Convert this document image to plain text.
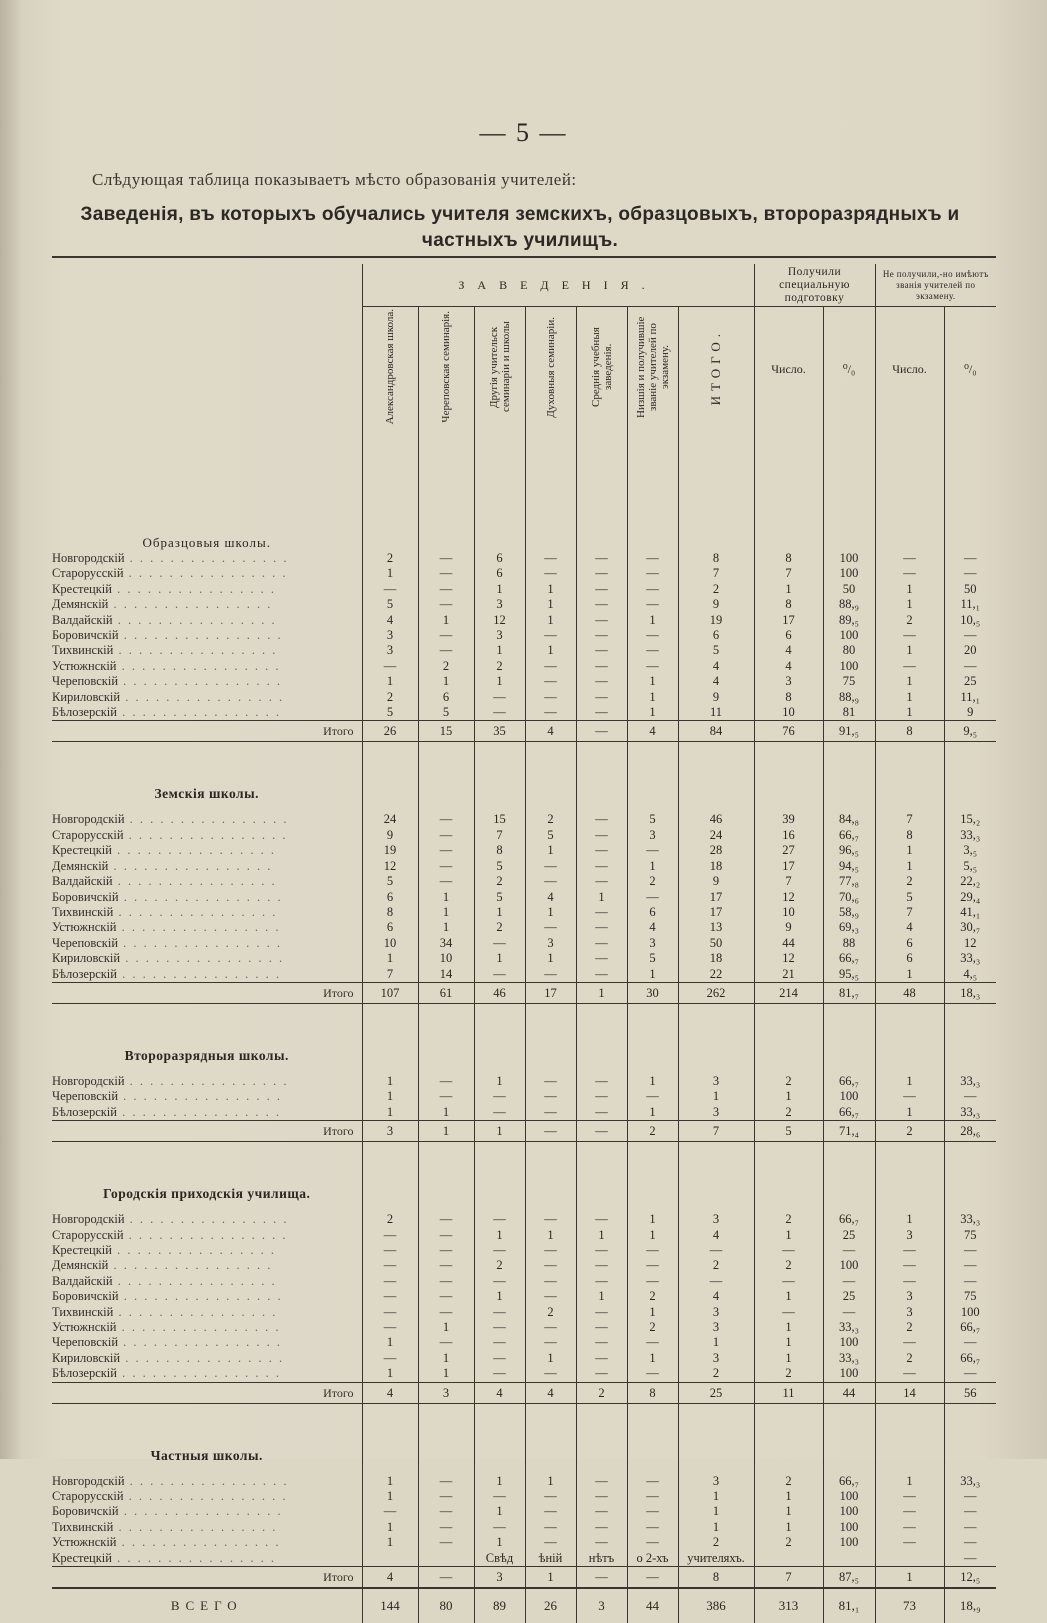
— 5 —
Слѣдующая таблица показываетъ мѣсто образованія учителей:
Заведенія, въ которыхъ обучались учителя земскихъ, образцовыхъ, второразрядныхъ и частныхъ училищъ.

	ЗАВЕДЕНІЯ.							Получили специальную подготовку		Не получили,-но имѣютъ званія учителей по экзамену.	
	Александровская школа.	Череповская семинарія.	Другія учительск семинаріи и школы	Духовныя семинаріи.	Среднія учебныя заведенія.	Низшія и получившіе званіе учителей по экзамену.	ИТОГО.	Число.	⁰/₀	Число.	⁰/₀
Образцовыя школы.											
Новгородскій . . . . . . . . . . . . . . . .	2	—	6	—	—	—	8	8	100	—	—
Старорусскій . . . . . . . . . . . . . . . .	1	—	6	—	—	—	7	7	100	—	—
Крестецкій . . . . . . . . . . . . . . . .	—	—	1	1	—	—	2	1	50	1	50
Демянскій . . . . . . . . . . . . . . . .	5	—	3	1	—	—	9	8	88,₉	1	11,₁
Валдайскій . . . . . . . . . . . . . . . .	4	1	12	1	—	1	19	17	89,₅	2	10,₅
Боровичскій . . . . . . . . . . . . . . . .	3	—	3	—	—	—	6	6	100	—	—
Тихвинскій . . . . . . . . . . . . . . . .	3	—	1	1	—	—	5	4	80	1	20
Устюжнскій . . . . . . . . . . . . . . . .	—	2	2	—	—	—	4	4	100	—	—
Череповскій . . . . . . . . . . . . . . . .	1	1	1	—	—	1	4	3	75	1	25
Кириловскій . . . . . . . . . . . . . . . .	2	6	—	—	—	1	9	8	88,₉	1	11,₁
Бѣлозерскій . . . . . . . . . . . . . . . .	5	5	—	—	—	1	11	10	81	1	9
Итого	26	15	35	4	—	4	84	76	91,₅	8	9,₅
Земскія школы.											
Новгородскій . . . . . . . . . . . . . . . .	24	—	15	2	—	5	46	39	84,₈	7	15,₂
Старорусскій . . . . . . . . . . . . . . . .	9	—	7	5	—	3	24	16	66,₇	8	33,₃
Крестецкій . . . . . . . . . . . . . . . .	19	—	8	1	—	—	28	27	96,₅	1	3,₅
Демянскій . . . . . . . . . . . . . . . .	12	—	5	—	—	1	18	17	94,₅	1	5,₅
Валдайскій . . . . . . . . . . . . . . . .	5	—	2	—	—	2	9	7	77,₈	2	22,₂
Боровичскій . . . . . . . . . . . . . . . .	6	1	5	4	1	—	17	12	70,₆	5	29,₄
Тихвинскій . . . . . . . . . . . . . . . .	8	1	1	1	—	6	17	10	58,₉	7	41,₁
Устюжнскій . . . . . . . . . . . . . . . .	6	1	2	—	—	4	13	9	69,₃	4	30,₇
Череповскій . . . . . . . . . . . . . . . .	10	34	—	3	—	3	50	44	88	6	12
Кириловскій . . . . . . . . . . . . . . . .	1	10	1	1	—	5	18	12	66,₇	6	33,₃
Бѣлозерскій . . . . . . . . . . . . . . . .	7	14	—	—	—	1	22	21	95,₅	1	4,₅
Итого	107	61	46	17	1	30	262	214	81,₇	48	18,₃
Второразрядныя школы.											
Новгородскій . . . . . . . . . . . . . . . .	1	—	1	—	—	1	3	2	66,₇	1	33,₃
Череповскій . . . . . . . . . . . . . . . .	1	—	—	—	—	—	1	1	100	—	—
Бѣлозерскій . . . . . . . . . . . . . . . .	1	1	—	—	—	1	3	2	66,₇	1	33,₃
Итого	3	1	1	—	—	2	7	5	71,₄	2	28,₆
Городскія приходскія училища.											
Новгородскій . . . . . . . . . . . . . . . .	2	—	—	—	—	1	3	2	66,₇	1	33,₃
Старорусскій . . . . . . . . . . . . . . . .	—	—	1	1	1	1	4	1	25	3	75
Крестецкій . . . . . . . . . . . . . . . .	—	—	—	—	—	—	—	—	—	—	—
Демянскій . . . . . . . . . . . . . . . .	—	—	2	—	—	—	2	2	100	—	—
Валдайскій . . . . . . . . . . . . . . . .	—	—	—	—	—	—	—	—	—	—	—
Боровичскій . . . . . . . . . . . . . . . .	—	—	1	—	1	2	4	1	25	3	75
Тихвинскій . . . . . . . . . . . . . . . .	—	—	—	2	—	1	3	—	—	3	100
Устюжнскій . . . . . . . . . . . . . . . .	—	1	—	—	—	2	3	1	33,₃	2	66,₇
Череповскій . . . . . . . . . . . . . . . .	1	—	—	—	—	—	1	1	100	—	—
Кириловскій . . . . . . . . . . . . . . . .	—	1	—	1	—	1	3	1	33,₃	2	66,₇
Бѣлозерскій . . . . . . . . . . . . . . . .	1	1	—	—	—	—	2	2	100	—	—
Итого	4	3	4	4	2	8	25	11	44	14	56
Частныя школы.											
Новгородскій . . . . . . . . . . . . . . . .	1	—	1	1	—	—	3	2	66,₇	1	33,₃
Старорусскій . . . . . . . . . . . . . . . .	1	—	—	—	—	—	1	1	100	—	—
Боровичскій . . . . . . . . . . . . . . . .	—	—	1	—	—	—	1	1	100	—	—
Тихвинскій . . . . . . . . . . . . . . . .	1	—	—	—	—	—	1	1	100	—	—
Устюжнскій . . . . . . . . . . . . . . . .	1	—	1	—	—	—	2	2	100	—	—
Крестецкій . . . . . . . . . . . . . . . .			Свѣд	ѣній	нѣтъ	о 2-хъ	учителяхъ.				—
Итого	4	—	3	1	—	—	8	7	87,₅	1	12,₅
ВСЕГО	144	80	89	26	3	44	386	313	81,₁	73	18,₉
